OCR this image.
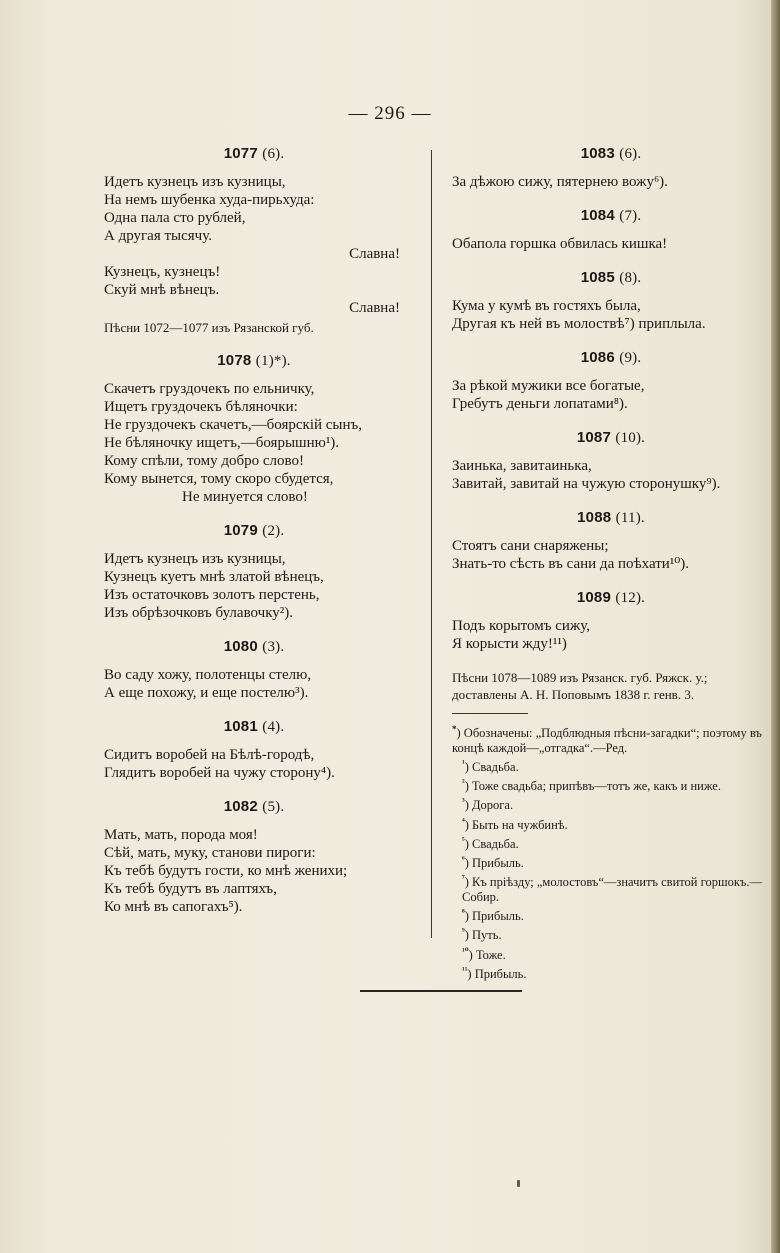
— 296 —
1077 (6).
Идетъ кузнецъ изъ кузницы,
На немъ шубенка худа-пирьхуда:
Одна пала сто рублей,
А другая тысячу.
Славна!
Кузнецъ, кузнецъ!
Скуй мнѣ вѣнецъ.
Славна!
Пѣсни 1072—1077 изъ Рязанской губ.
1078 (1)*).
Скачетъ груздочекъ по ельничку,
Ищетъ груздочекъ бѣляночки:
Не груздочекъ скачетъ,—боярскій сынъ,
Не бѣляночку ищетъ,—боярышню¹).
Кому спѣли, тому добро слово!
Кому вынется, тому скоро сбудется,
Не минуется слово!
1079 (2).
Идетъ кузнецъ изъ кузницы,
Кузнецъ куетъ мнѣ златой вѣнецъ,
Изъ остаточковъ золотъ перстень,
Изъ обрѣзочковъ булавочку²).
1080 (3).
Во саду хожу, полотенцы стелю,
А еще похожу, и еще постелю³).
1081 (4).
Сидитъ воробей на Бѣлѣ-городѣ,
Глядитъ воробей на чужу сторону⁴).
1082 (5).
Мать, мать, порода моя!
Сѣй, мать, муку, станови пироги:
Къ тебѣ будутъ гости, ко мнѣ женихи;
Къ тебѣ будутъ въ лаптяхъ,
Ко мнѣ въ сапогахъ⁵).
1083 (6).
За дѣжою сижу, пятернею вожу⁶).
1084 (7).
Обапола горшка обвилась кишка!
1085 (8).
Кума у кумѣ въ гостяхъ была,
Другая къ ней въ молоствѣ⁷) приплыла.
1086 (9).
За рѣкой мужики все богатые,
Гребутъ деньги лопатами⁸).
1087 (10).
Заинька, завитаинька,
Завитай, завитай на чужую сторонушку⁹).
1088 (11).
Стоятъ сани снаряжены;
Знать-то сѣсть въ сани да поѣхати¹⁰).
1089 (12).
Подъ корытомъ сижу,
Я корысти жду!¹¹)
Пѣсни 1078—1089 изъ Рязанск. губ. Ряжск. у.;
доставлены А. Н. Поповымъ 1838 г. генв. 3.
*) Обозначены: „Подблюдныя пѣсни-загадки“; поэтому въ концѣ каждой—„отгадка“.—Ред.
$^{^1}$) Свадьба.
$^{^2}$) Тоже свадьба; припѣвъ—тотъ же, какъ и ниже.
$^{^3}$) Дорога.
$^{^4}$) Быть на чужбинѣ.
$^{^5}$) Свадьба.
$^{^6}$) Прибыль.
$^{^7}$) Къ пріѣзду; „молостовъ“—значитъ свитой горшокъ.—Собир.
$^{^8}$) Прибыль.
$^{^9}$) Путь.
$^{^{10}}$) Тоже.
$^{^{11}}$) Прибыль.
